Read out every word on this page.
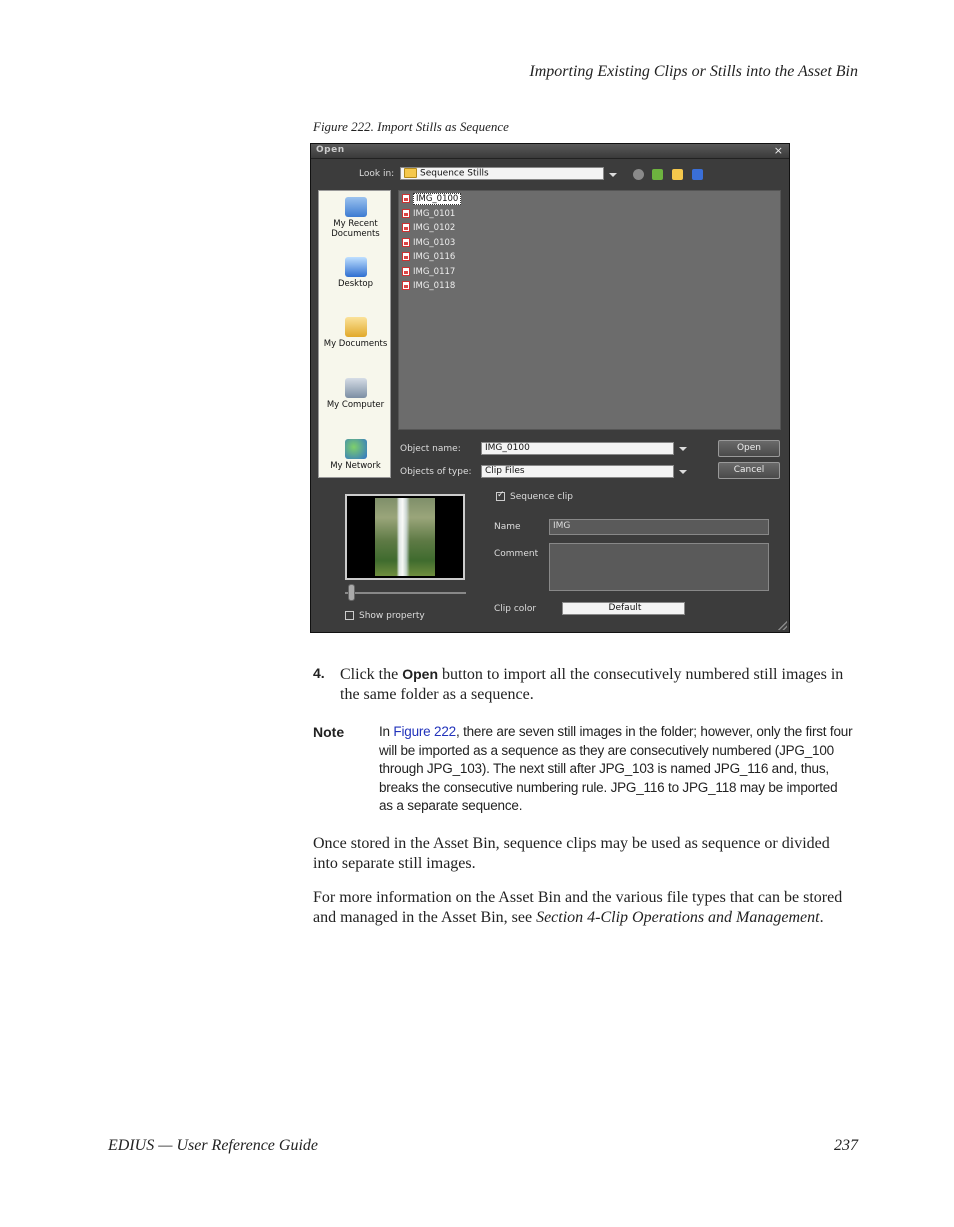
Importing Existing Clips or Stills into the Asset Bin
Figure 222. Import Stills as Sequence
Open	×
Look in:	Sequence Stills
My Recent Documents
Desktop
My Documents
My Computer
My Network
IMG_0100
IMG_0101
IMG_0102
IMG_0103
IMG_0116
IMG_0117
IMG_0118
Object name:	IMG_0100	Open
Objects of type:	Clip Files	Cancel
Show property
✓
Sequence clip
Name	IMG
Comment
Clip color	Default
4. Click the Open button to import all the consecutively numbered still images in the same folder as a sequence.
Note	In Figure 222, there are seven still images in the folder; however, only the first four will be imported as a sequence as they are consecutively numbered (JPG_100 through JPG_103). The next still after JPG_103 is named JPG_116 and, thus, breaks the consecutive numbering rule. JPG_116 to JPG_118 may be imported as a separate sequence.
Once stored in the Asset Bin, sequence clips may be used as sequence or divided into separate still images.
For more information on the Asset Bin and the various file types that can be stored and managed in the Asset Bin, see Section 4-Clip Operations and Management.
EDIUS — User Reference Guide	237
